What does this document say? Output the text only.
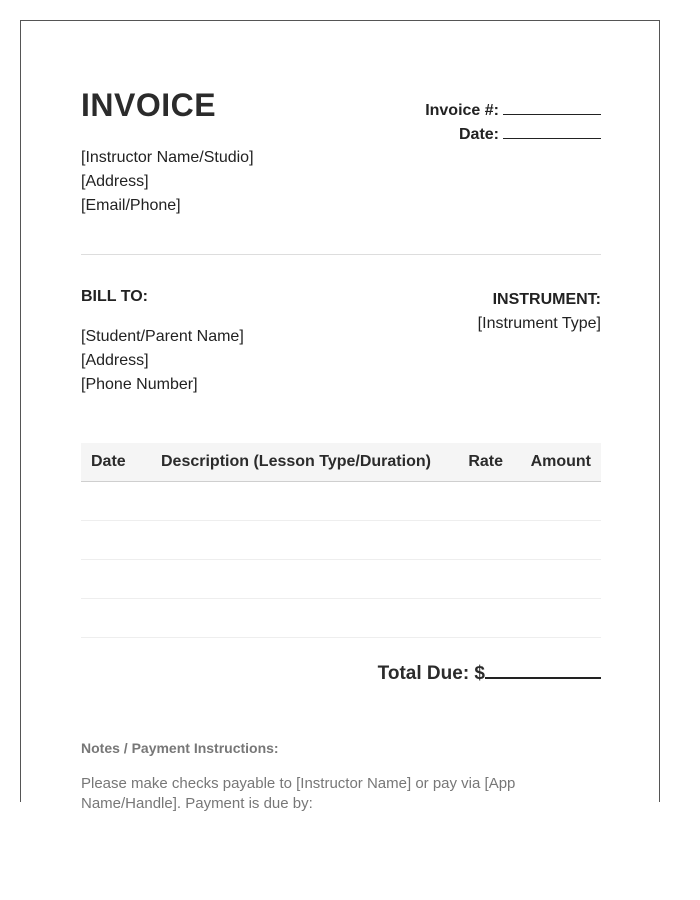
INVOICE
[Instructor Name/Studio]
[Address]
[Email/Phone]
Invoice #:
Date:
BILL TO:
[Student/Parent Name]
[Address]
[Phone Number]
INSTRUMENT:
[Instrument Type]
Date	Description (Lesson Type/Duration)	Rate	Amount

Total Due: $
Notes / Payment Instructions:
Please make checks payable to [Instructor Name] or pay via [App Name/Handle]. Payment is due by:
